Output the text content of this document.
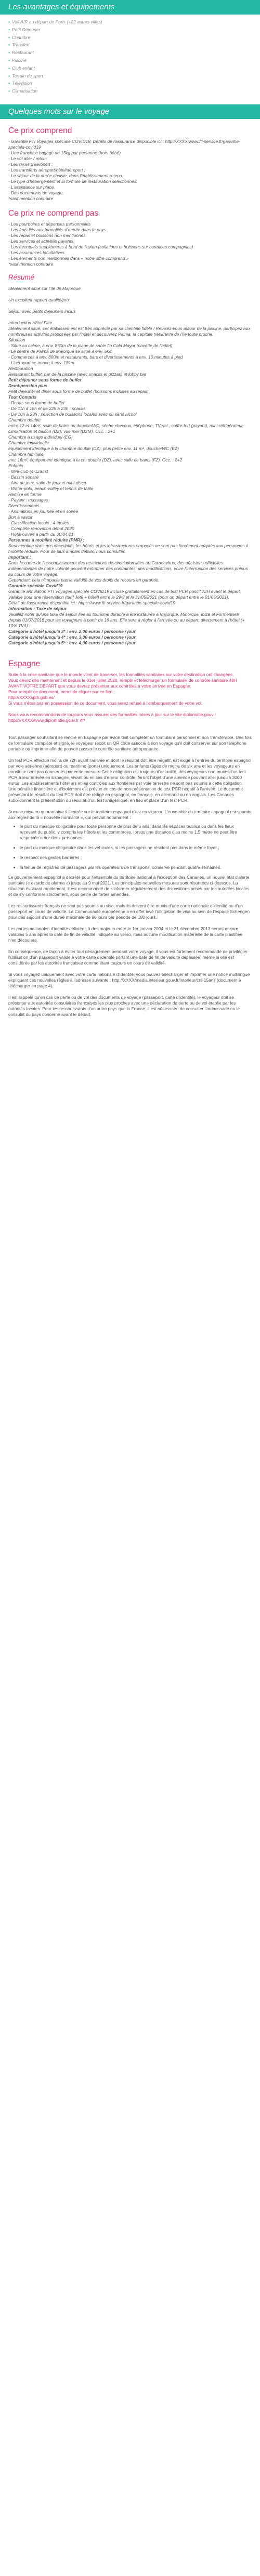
Les avantages et équipements
• Vail A/R au départ de Paris (+22 autres villes)
• Petit Déjeuner
• Chambre
• Transfert
• Restaurant
• Piscine
• Club enfant
• Terrain de sport
• Télévision
• Climatisation
Quelques mots sur le voyage
Ce prix comprend

- Garantie FTI Voyages spéciale COVID19, Détails de l'assurance disponible ici : http://XXXX/www.fti-service.fr/garantie-speciale-covid19

- Une franchise bagage de 15kg par personne (hors bébé)

- Le vol aller / retour

- Les taxes d'aéroport ;

- Les transferts aéroport/hôtel/aéroport ;

- Le séjour de la durée choisie, dans l'établissement retenu.

- Le type d'hébergement et la formule de restauration sélectionnés.

- L'assistance sur place,

- Dos documents de voyage.

*sauf mention contraire

Ce prix ne comprend pas

- Les pourboires et dépenses personnelles

- Les frais liés aux formalités d'entrée dans le pays

- Les repas et boissons non mentionnés

- Les services et activités payants

- Les éventuels suppléments à bord de l'avion (collations et boissons sur certaines compagnies)

- Les assurances facultatives

- Les éléments non mentionnés dans « notre offre comprend »

*sauf mention contraire

Résumé

Idéalement situé sur l'île de Majorque

Un excellent rapport qualité/prix

Séjour avec petits déjeuners inclus

Introduction Hôtel Fitte

Idéalement situé, cet établissement est très apprécié par sa clientèle fidèle ! Relaxez-vous autour de la piscine, participez aux nombreuses activités proposées par l'hôtel et découvrez Palma, la capitale trépidante de l'île toute proche.

Situation

- Situé au calme, à env. 850m de la plage de sable fin Cala Mayor (navette de l'hôtel)

- Le centre de Palma de Majorque se situe à env. 5km

- Commerces à env. 800m et restaurants, bars et divertissements à env. 10 minutes à pied

- L'aéroport se trouve à env. 15km

Restauration

Restaurant buffet, bar de la piscine (avec snacks et pizzas) et lobby bar

Petit déjeuner sous forme de buffet

Demi-pension plus

Petit déjeuner et dîner sous forme de buffet (boissons incluses au repas)

Tout Compris

- Repas sous forme de buffet

- De 11h à 18h et de 22h à 23h : snacks

- De 10h à 23h : sélection de boissons locales avec ou sans alcool

Chambre double

entre 12 et 14m², salle de bains ou douche/WC, sèche-cheveux, téléphone, TV-sat., coffre-fort (payant), mini-réfrigérateur, climatisation et balcon (DZ), vue mer (DZM). Occ. : 2+1

Chambre à usage individuel (EG)

Chambre individuelle

équipement identique à la chambre double (DZ), plus petite env. 11 m², douche/WC (EZ)

Chambre familiale

env. 16m², équipement identique à la ch. double (DZ), avec salle de bains (FZ). Occ. : 2+2

Enfants

- Mini-club (4-12ans)

- Bassin séparé

- Aire de jeux, salle de jeux et mini-disco

- Water-polo, beach-volley et tennis de table

Remise en forme

- Payant : massages

Divertissements

- Animations en journée et en soirée

Bon à savoir

- Classification locale : 4 étoiles

- Complète rénovation début 2020

- Hôtel ouvert à partir du 30.04.21

Personnes à mobilité réduite (PMR) :

Seul mention dans nos descriptifs, les hôtels et les infrastructures proposés ne sont pas forcément adaptés aux personnes à mobilité réduite. Pour de plus amples détails, nous consulter.

Important :

Dans le cadre de l'assouplissement des restrictions de circulation liées au Coronavirus, des décisions officielles indépendantes de notre volonté peuvent entraîner des contraintes, des modifications, voire l'interruption des services prévus au cours de votre voyage.

Cependant, cela n'impacte pas la validité de vos droits de recours en garantie.

Garantie spéciale Covid19

Garantie annulation FTI Voyages spéciale COVID19 incluse gratuitement en cas de test PCR positif 72H avant le départ.

Valable pour une réservation (tarif Jeté + hôtel) entre le 29/3 et le 31/05/2021 (pour un départ entre le 01/05/2021).

Détail de l'assurance disponible ici : https://www.fti-service.fr/garantie-speciale-covid19

Information : Taxe de séjour

Veuillez noter qu'une taxe de séjour liée au tourisme durable a été instaurée à Majorque, Minorque, Ibiza et Formentera depuis 01/07/2016 pour les voyageurs à partir de 16 ans. Elle sera à régler à l'arrivée ou au départ, directement à l'hôtel (+ 10% TVA) :

Catégorie d'hôtel jusqu'à 3* : env. 2,00 euros / personne / jour

Catégorie d'hôtel jusqu'à 4* : env. 3,00 euros / personne / jour

Catégorie d'hôtel jusqu'à 5* : env. 4,00 euros / personne / jour

Espagne

Suite à la crise sanitaire que le monde vient de traverser, les formalités sanitaires sur votre destination ont changées.

Vous devez dès maintenant et depuis le 01er juillet 2020, remplir et télécharger un formulaire de contrôle sanitaire 48H AVANT VOTRE DÉPART que vous devrez présenter aux contrôles à votre arrivée en Espagne.

Pour remplir ce document, merci de cliquer sur ce lien :

http://XXXXspth.gob.es/

Si vous n'êtes pas en possession de ce document, vous serez refusé à l'embarquement de votre vol.

Nous vous recommandons de toujours vous assurer des formalités mises à jour sur le site diplomatie.gouv : https://XXXX/www.diplomatie.gouv.fr /fr/

Tout passager souhaitant se rendre en Espagne par avion doit compléter un formulaire personnel et non transférable. Une fois ce formulaire complété et signé, le voyageur reçoit un QR code associé à son voyage qu'il doit conserver sur son téléphone portable ou imprimer afin de pouvoir passer le contrôle sanitaire aéroportuaire.

Un test PCR effectué moins de 72h avant l'arrivée et dont le résultat doit être négatif, est exigé à l'entrée du territoire espagnol par voie aérienne (aéroport) ou maritime (ports) uniquement. Les enfants (âgés de moins de six ans et les voyageurs en transit ne sont pas concernés par cette mesure. Cette obligation est toujours d'actualité, des voyageurs non munis d'un test PCR à leur arrivée en Espagne, vivant ou en cas d'erreur contrôle, feront l'objet d'une amende pouvant aller jusqu'à 3000 euros. Les établissements hôteliers et les contrôles aux frontières par voie terrestre ne sont pas soumis à cette obligation. Une pénalité financière et d'isolement est prévue en cas de non-présentation de test PCR négatif à l'arrivée. Le document présentant le résultat du test PCR doit être rédigé en espagnol, en français, en allemand ou en anglais. Les Canaries subordonnent la présentation du résultat d'un test antigénique, en lieu et place d'un test PCR.

Aucune mise en quarantaine à l'entrée sur le territoire espagnol n'est en vigueur. L'ensemble du territoire espagnol est soumis aux règles de la « nouvelle normalité », qui prévoit notamment :

• le port du masque obligatoire pour toute personne de plus de 6 ans, dans les espaces publics ou dans les lieux recevant du public, y compris les hôtels et les commerces, lorsqu'une distance d'au moins 1,5 mètre ne peut être respectée entre deux personnes ;
• le port du masque obligatoire dans les véhicules, si les passagers ne résident pas dans le même foyer ;
• le respect des gestes barrières ;
• la tenue de registres de passagers par les opérateurs de transports, conservé pendant quatre semaines.

Le gouvernement espagnol a décrété pour l'ensemble du territoire national à l'exception des Canaries, un nouvel état d'alerte sanitaire (« estado de alarma ») jusqu'au 9 mai 2021. Les principales nouvelles mesures sont résumées ci-dessous. La situation évoluant rapidement, il est recommandé de s'informer régulièrement des dispositions prises par les autorités locales et de s'y conformer strictement, sous peine de fortes amendes.

Les ressortissants français ne sont pas soumis au visa, mais ils doivent être munis d'une carte nationale d'identité ou d'un passeport en cours de validité. La Communauté européenne a en effet levé l'obligation de visa au sein de l'espace Schengen pour des séjours d'une durée maximale de 90 jours par période de 180 jours.

Les cartes nationales d'identité délivrées à des majeurs entre le 1er janvier 2004 et le 31 décembre 2013 seront encore valables 5 ans après la date de fin de validité indiquée au verso, mais aucune modification matérielle de la carte plastifiée n'en découlera.

En conséquence, de façon à éviter tout désagrément pendant votre voyage, il vous est fortement recommandé de privilégier l'utilisation d'un passeport valide à votre carte d'identité portant une date de fin de validité dépassée, même si elle est considérée par les autorités françaises comme étant toujours en cours de validité.

Si vous voyagez uniquement avec votre carte nationale d'identité, vous pouvez télécharger et imprimer une notice multilingue expliquant ces nouvelles règles à l'adresse suivante : http://XXXX/media.interieur.gouv.fr/interieur/cni-15ans (document à télécharger en page 4).

Il est rappelé qu'en cas de perte ou de vol des documents de voyage (passeport, carte d'identité), le voyageur doit se présenter aux autorités consulaires françaises les plus proches avec une déclaration de perte ou de vol établie par les autorités locales. Pour les ressortissants d'un autre pays que la France, il est nécessaire de consulter l'ambassade ou le consulat du pays concerné avant le départ.
